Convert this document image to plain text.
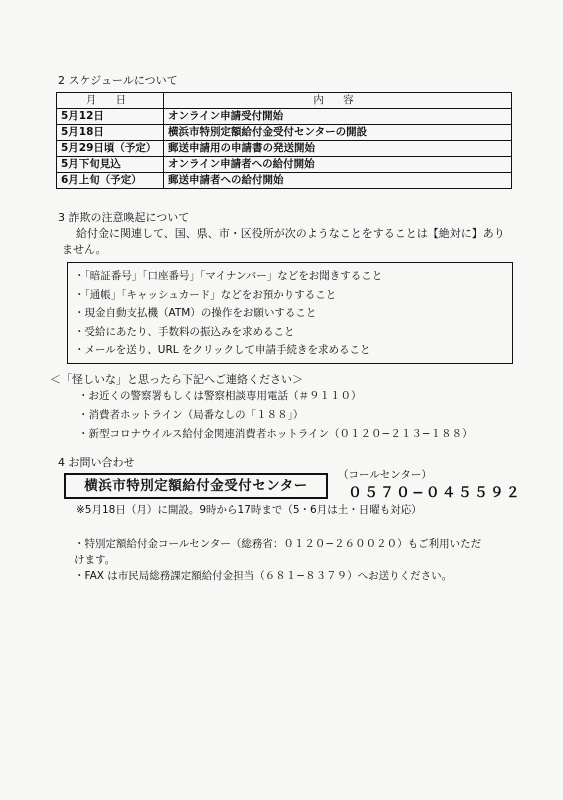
2 スケジュールについて
月 日	内 容
5月12日	オンライン申請受付開始
5月18日	横浜市特別定額給付金受付センターの開設
5月29日頃（予定）	郵送申請用の申請書の発送開始
5月下旬見込	オンライン申請者への給付開始
6月上旬（予定）	郵送申請者への給付開始
3 詐欺の注意喚起について
給付金に関連して、国、県、市・区役所が次のようなことをすることは【絶対に】あり
ません。
・「暗証番号」「口座番号」「マイナンバー」などをお聞きすること
・「通帳」「キャッシュカード」などをお預かりすること
・現金自動支払機（ATM）の操作をお願いすること
・受給にあたり、手数料の振込みを求めること
・メールを送り、URL をクリックして申請手続きを求めること
＜「怪しいな」と思ったら下記へご連絡ください＞
・お近くの警察署もしくは警察相談専用電話（＃９１１０）
・消費者ホットライン（局番なしの「１８８」）
・新型コロナウイルス給付金関連消費者ホットライン（０１２０−２１３−１８８）
4 お問い合わせ
横浜市特別定額給付金受付センター
（コールセンター）
０５７０−０４５５９２
※5月18日（月）に開設。9時から17時まで（5・6月は土・日曜も対応）
・特別定額給付金コールセンター（総務省：０１２０−２６００２０）もご利用いただ
けます。
・FAX は市民局総務課定額給付金担当（６８１−８３７９）へお送りください。
